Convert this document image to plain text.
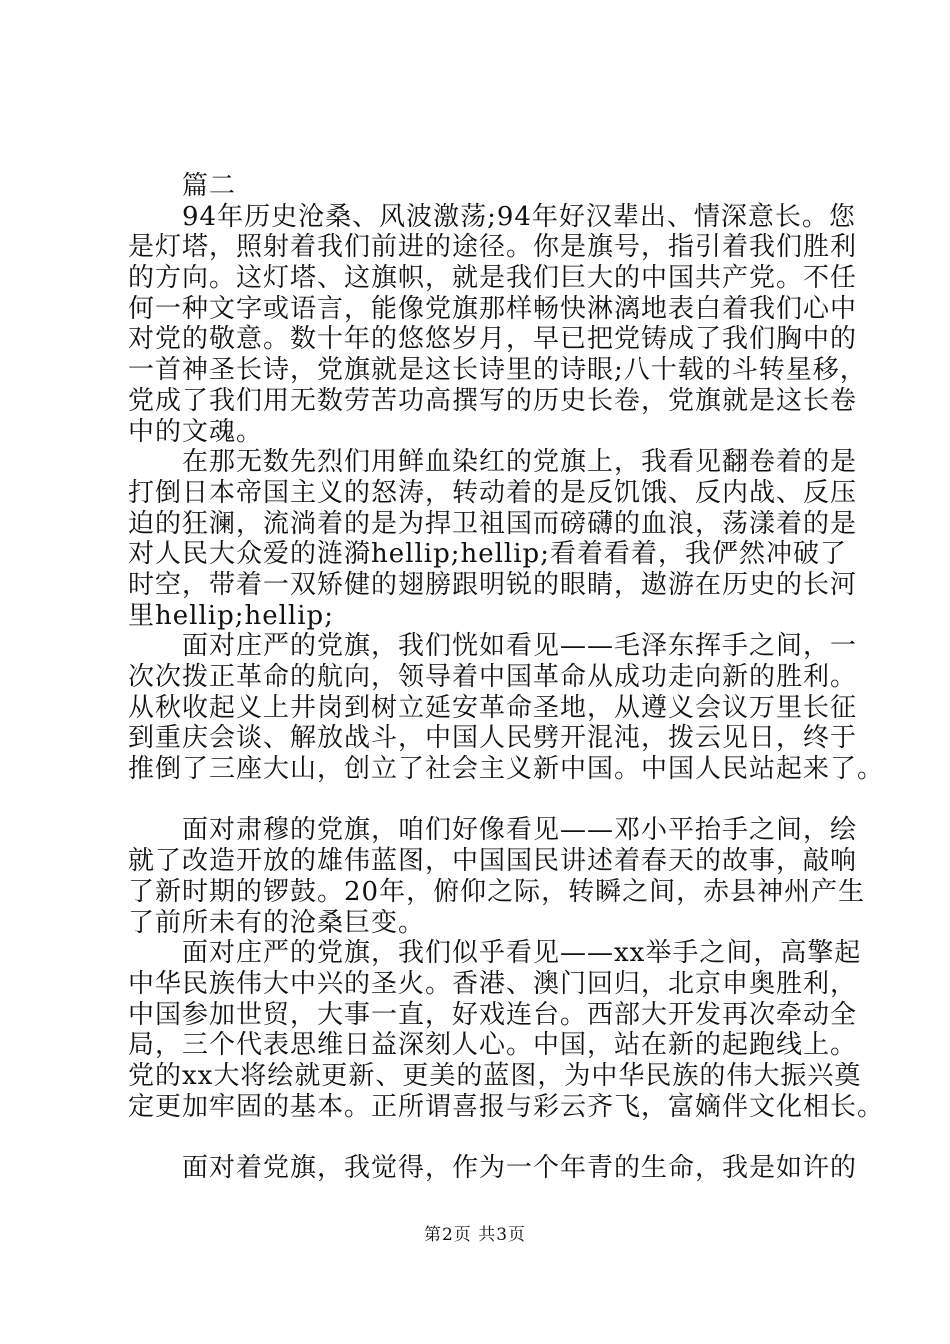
篇二
94年历史沧桑、风波激荡;94年好汉辈出、情深意长。您
是灯塔，照射着我们前进的途径。你是旗号，指引着我们胜利
的方向。这灯塔、这旗帜，就是我们巨大的中国共产党。不任
何一种文字或语言，能像党旗那样畅快淋漓地表白着我们心中
对党的敬意。数十年的悠悠岁月，早已把党铸成了我们胸中的
一首神圣长诗，党旗就是这长诗里的诗眼;八十载的斗转星移，
党成了我们用无数劳苦功高撰写的历史长卷，党旗就是这长卷
中的文魂。
在那无数先烈们用鲜血染红的党旗上，我看见翻卷着的是
打倒日本帝国主义的怒涛，转动着的是反饥饿、反内战、反压
迫的狂澜，流淌着的是为捍卫祖国而磅礴的血浪，荡漾着的是
对人民大众爱的涟漪hellip;hellip;看着看着，我俨然冲破了
时空，带着一双矫健的翅膀跟明锐的眼睛，遨游在历史的长河
里hellip;hellip;
面对庄严的党旗，我们恍如看见——毛泽东挥手之间，一
次次拨正革命的航向，领导着中国革命从成功走向新的胜利。
从秋收起义上井岗到树立延安革命圣地，从遵义会议万里长征
到重庆会谈、解放战斗，中国人民劈开混沌，拨云见日，终于
推倒了三座大山，创立了社会主义新中国。中国人民站起来了。
面对肃穆的党旗，咱们好像看见——邓小平抬手之间，绘
就了改造开放的雄伟蓝图，中国国民讲述着春天的故事，敲响
了新时期的锣鼓。20年，俯仰之际，转瞬之间，赤县神州产生
了前所未有的沧桑巨变。
面对庄严的党旗，我们似乎看见——xx举手之间，高擎起
中华民族伟大中兴的圣火。香港、澳门回归，北京申奥胜利，
中国参加世贸，大事一直，好戏连台。西部大开发再次牵动全
局，三个代表思维日益深刻人心。中国，站在新的起跑线上。
党的xx大将绘就更新、更美的蓝图，为中华民族的伟大振兴奠
定更加牢固的基本。正所谓喜报与彩云齐飞，富嫡伴文化相长。
面对着党旗，我觉得，作为一个年青的生命，我是如许的
第2页 共3页
